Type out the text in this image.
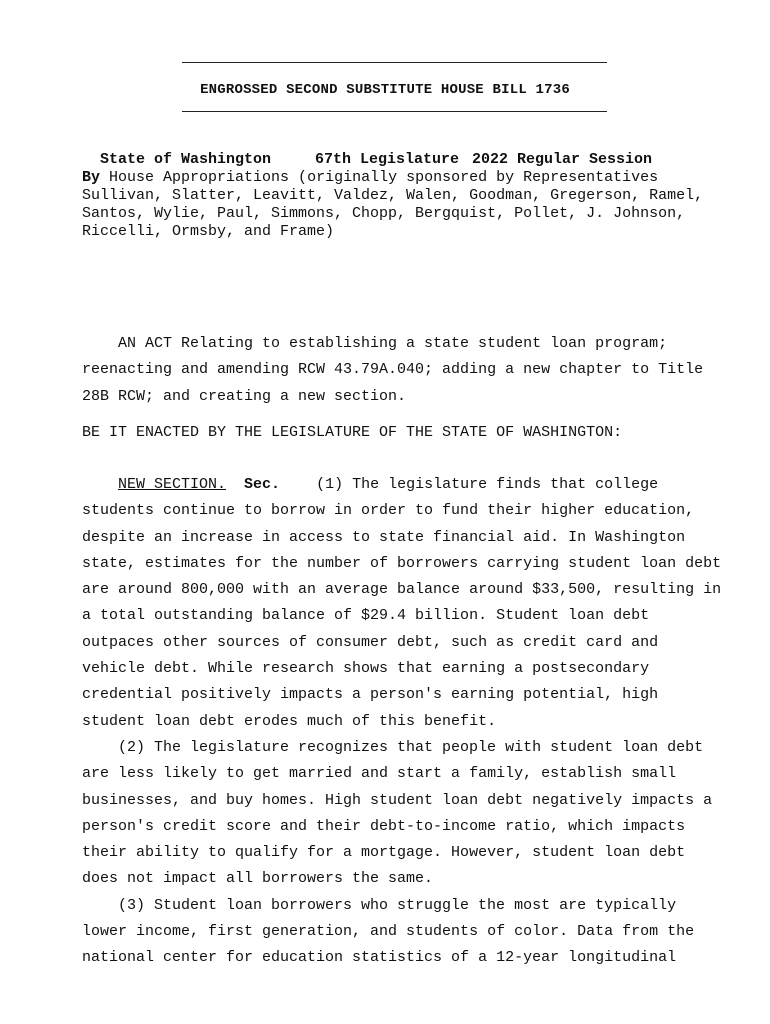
ENGROSSED SECOND SUBSTITUTE HOUSE BILL 1736

State of Washington	67th Legislature 2022 Regular Session

By House Appropriations (originally sponsored by Representatives Sullivan, Slatter, Leavitt, Valdez, Walen, Goodman, Gregerson, Ramel, Santos, Wylie, Paul, Simmons, Chopp, Bergquist, Pollet, J. Johnson, Riccelli, Ormsby, and Frame)
AN ACT Relating to establishing a state student loan program; reenacting and amending RCW 43.79A.040; adding a new chapter to Title 28B RCW; and creating a new section.
BE IT ENACTED BY THE LEGISLATURE OF THE STATE OF WASHINGTON:
NEW SECTION. Sec. (1) The legislature finds that college students continue to borrow in order to fund their higher education, despite an increase in access to state financial aid. In Washington state, estimates for the number of borrowers carrying student loan debt are around 800,000 with an average balance around $33,500, resulting in a total outstanding balance of $29.4 billion. Student loan debt outpaces other sources of consumer debt, such as credit card and vehicle debt. While research shows that earning a postsecondary credential positively impacts a person's earning potential, high student loan debt erodes much of this benefit.
(2) The legislature recognizes that people with student loan debt are less likely to get married and start a family, establish small businesses, and buy homes. High student loan debt negatively impacts a person's credit score and their debt-to-income ratio, which impacts their ability to qualify for a mortgage. However, student loan debt does not impact all borrowers the same.
(3) Student loan borrowers who struggle the most are typically lower income, first generation, and students of color. Data from the national center for education statistics of a 12-year longitudinal
